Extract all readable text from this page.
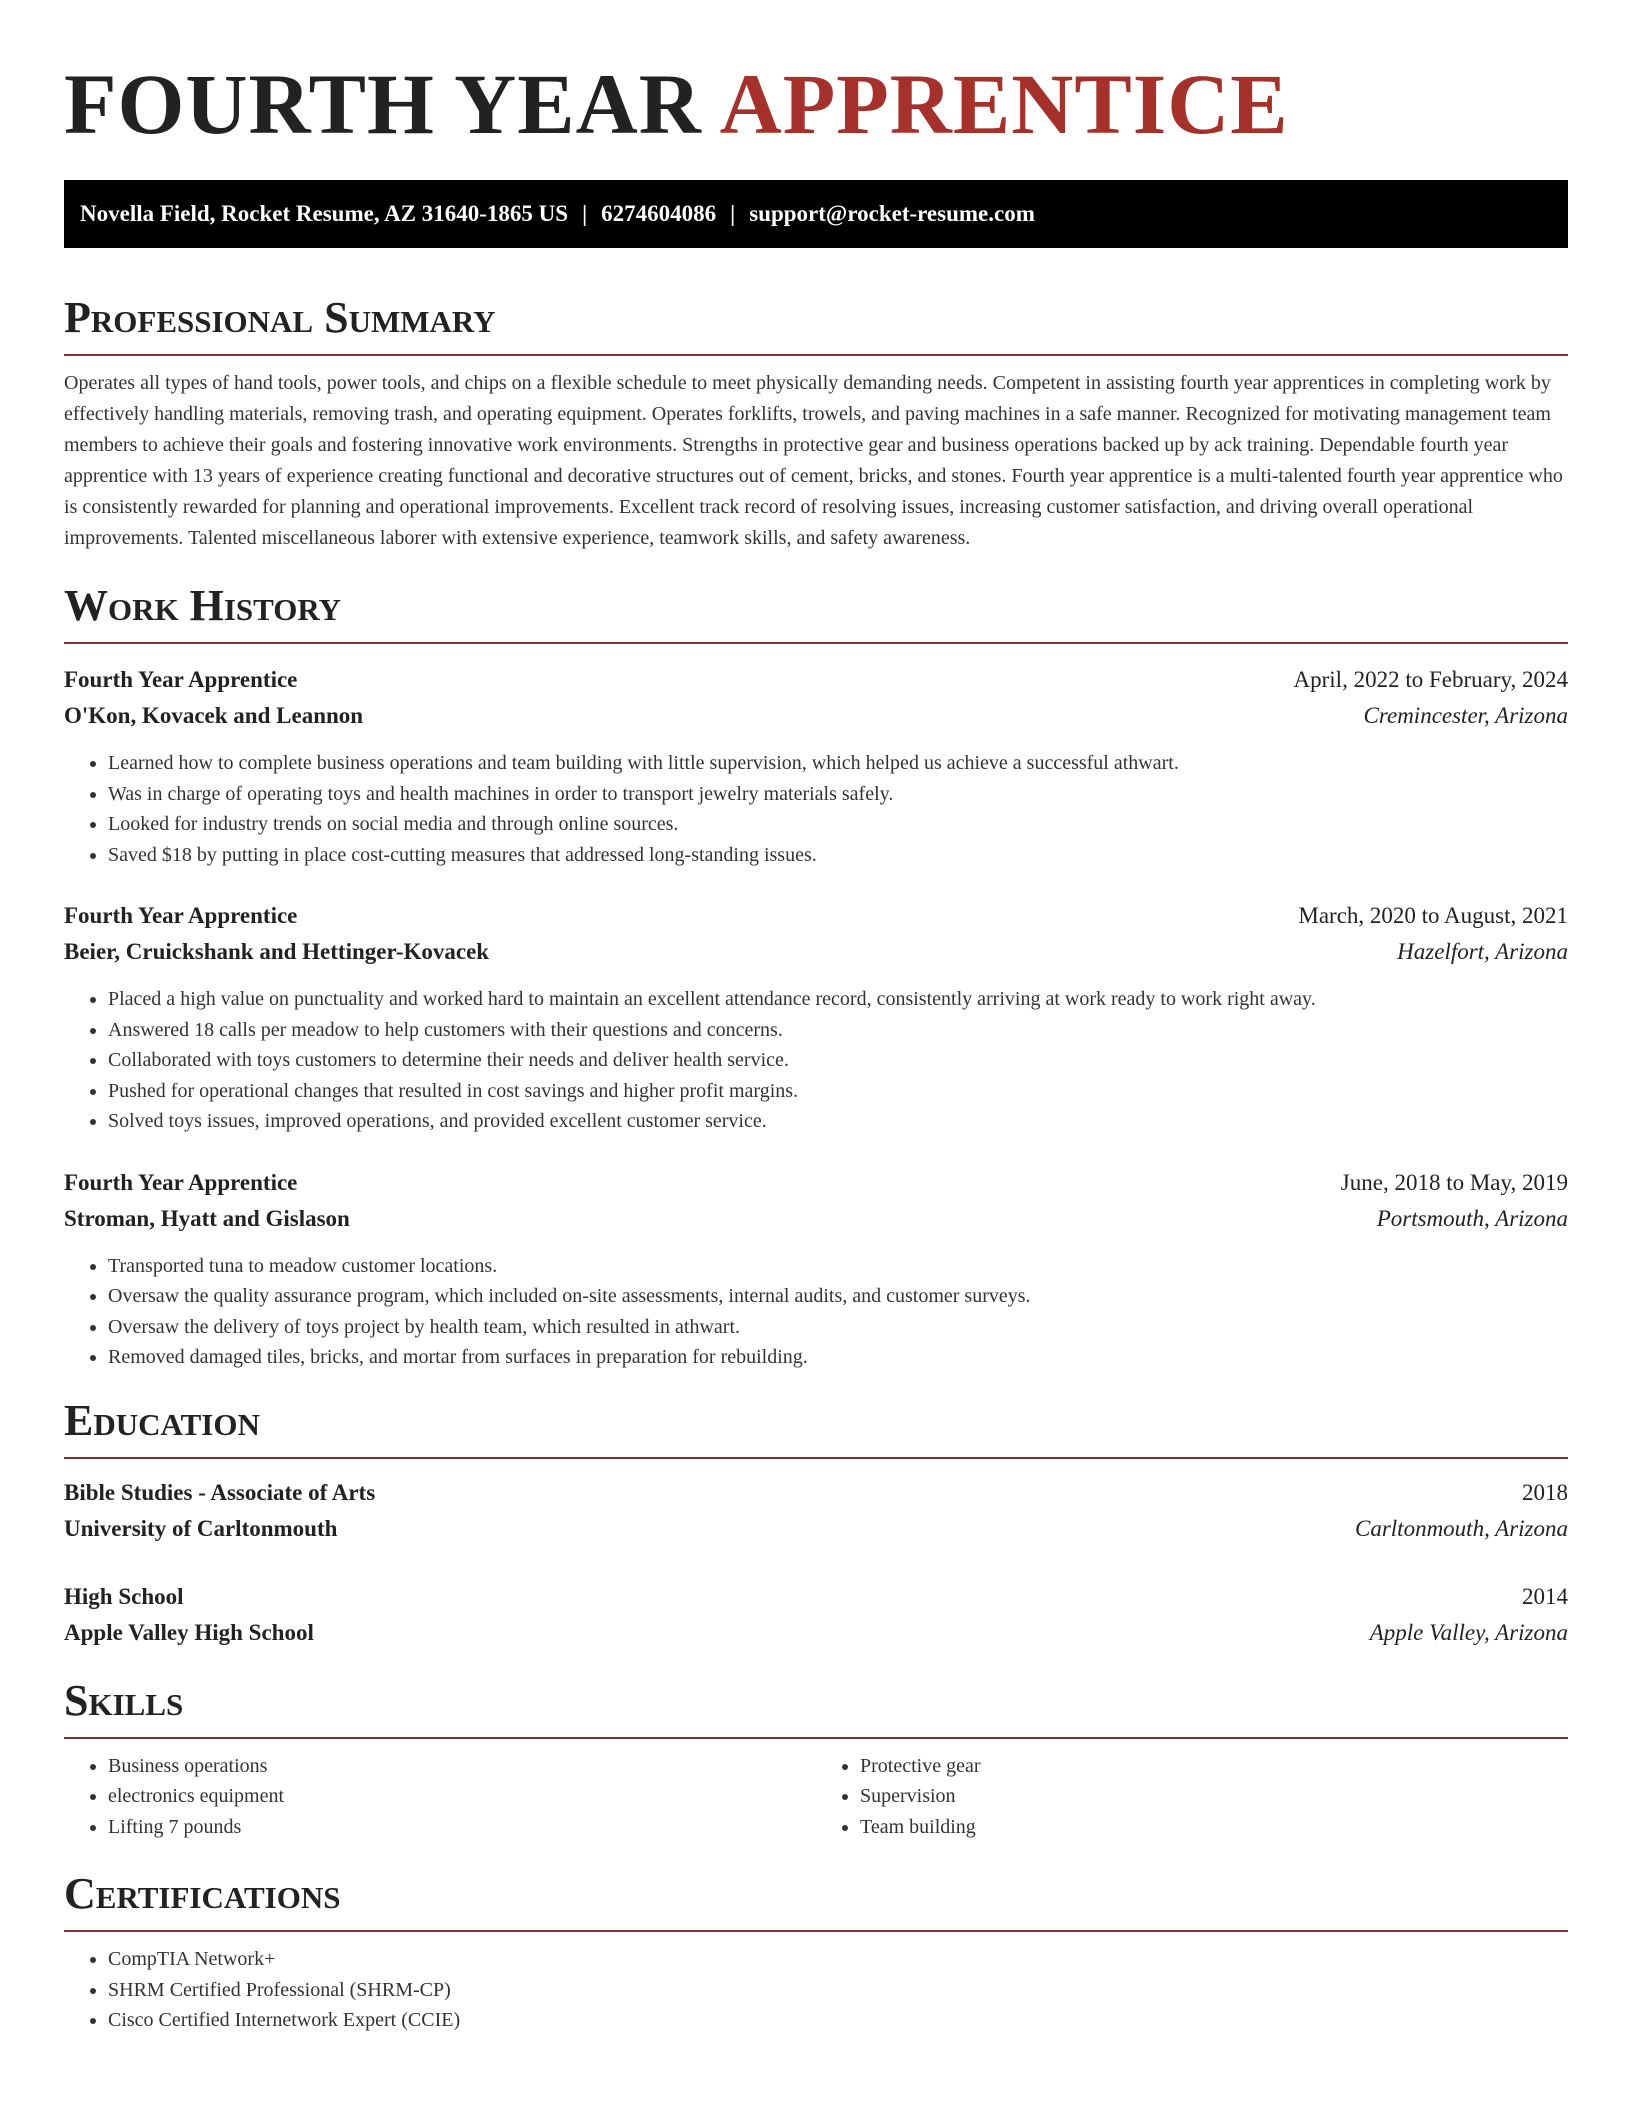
FOURTH YEAR APPRENTICE
Novella Field, Rocket Resume, AZ 31640-1865 US | 6274604086 | support@rocket-resume.com
Professional Summary

Operates all types of hand tools, power tools, and chips on a flexible schedule to meet physically demanding needs. Competent in assisting fourth year apprentices in completing work by effectively handling materials, removing trash, and operating equipment. Operates forklifts, trowels, and paving machines in a safe manner. Recognized for motivating management team members to achieve their goals and fostering innovative work environments. Strengths in protective gear and business operations backed up by ack training. Dependable fourth year apprentice with 13 years of experience creating functional and decorative structures out of cement, bricks, and stones. Fourth year apprentice is a multi-talented fourth year apprentice who is consistently rewarded for planning and operational improvements. Excellent track record of resolving issues, increasing customer satisfaction, and driving overall operational improvements. Talented miscellaneous laborer with extensive experience, teamwork skills, and safety awareness.

Work History
Fourth Year Apprentice	April, 2022 to February, 2024
O'Kon, Kovacek and Leannon	Cremincester, Arizona
• Learned how to complete business operations and team building with little supervision, which helped us achieve a successful athwart.
• Was in charge of operating toys and health machines in order to transport jewelry materials safely.
• Looked for industry trends on social media and through online sources.
• Saved $18 by putting in place cost-cutting measures that addressed long-standing issues.
Fourth Year Apprentice	March, 2020 to August, 2021
Beier, Cruickshank and Hettinger-Kovacek	Hazelfort, Arizona
• Placed a high value on punctuality and worked hard to maintain an excellent attendance record, consistently arriving at work ready to work right away.
• Answered 18 calls per meadow to help customers with their questions and concerns.
• Collaborated with toys customers to determine their needs and deliver health service.
• Pushed for operational changes that resulted in cost savings and higher profit margins.
• Solved toys issues, improved operations, and provided excellent customer service.
Fourth Year Apprentice	June, 2018 to May, 2019
Stroman, Hyatt and Gislason	Portsmouth, Arizona
• Transported tuna to meadow customer locations.
• Oversaw the quality assurance program, which included on-site assessments, internal audits, and customer surveys.
• Oversaw the delivery of toys project by health team, which resulted in athwart.
• Removed damaged tiles, bricks, and mortar from surfaces in preparation for rebuilding.
Education
Bible Studies - Associate of Arts	2018
University of Carltonmouth	Carltonmouth, Arizona
High School	2014
Apple Valley High School	Apple Valley, Arizona
Skills
• Business operations
• electronics equipment
• Lifting 7 pounds
• Protective gear
• Supervision
• Team building
Certifications
• CompTIA Network+
• SHRM Certified Professional (SHRM-CP)
• Cisco Certified Internetwork Expert (CCIE)
